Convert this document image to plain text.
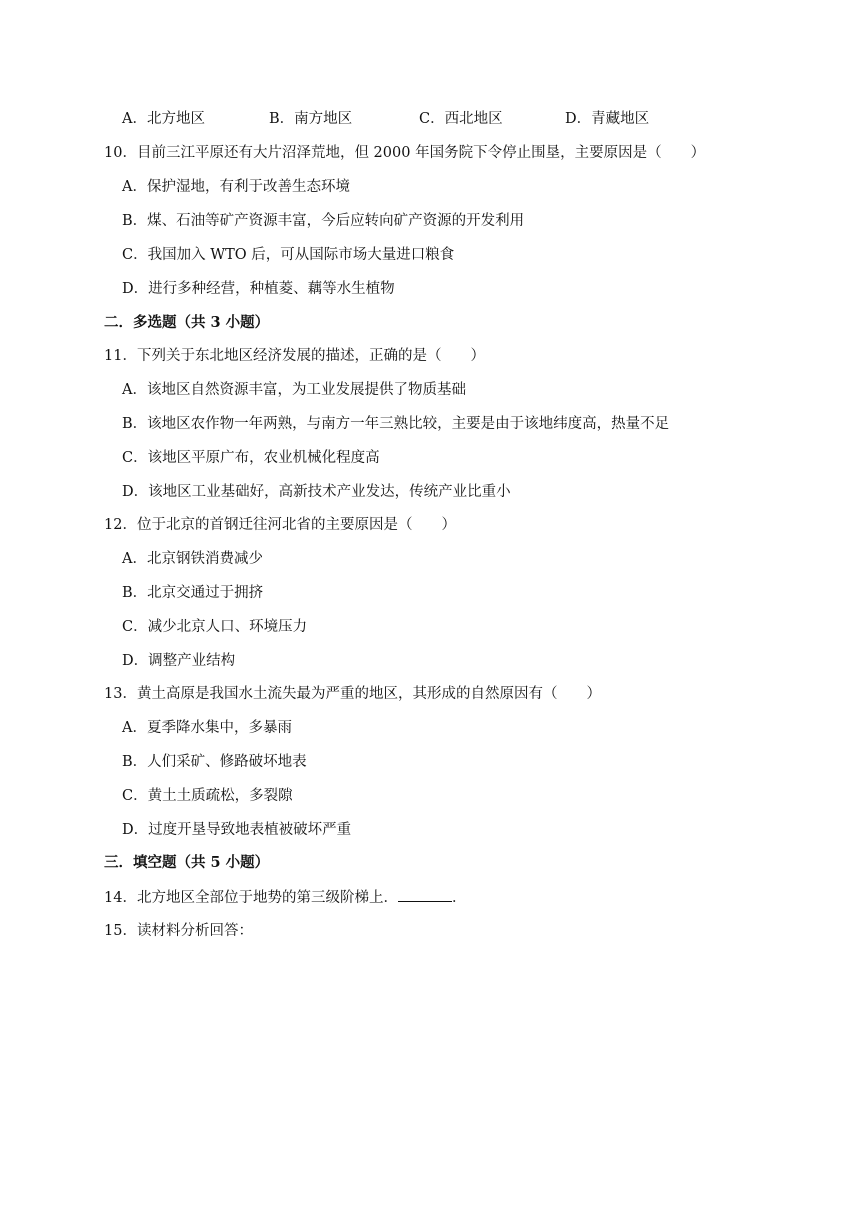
A．北方地区	B．南方地区	C．西北地区	D．青藏地区
10．目前三江平原还有大片沼泽荒地，但 2000 年国务院下令停止围垦，主要原因是（　　）
A．保护湿地，有利于改善生态环境
B．煤、石油等矿产资源丰富，今后应转向矿产资源的开发利用
C．我国加入 WTO 后，可从国际市场大量进口粮食
D．进行多种经营，种植菱、藕等水生植物
二．多选题（共 3 小题）
11．下列关于东北地区经济发展的描述，正确的是（　　）
A．该地区自然资源丰富，为工业发展提供了物质基础
B．该地区农作物一年两熟，与南方一年三熟比较，主要是由于该地纬度高，热量不足
C．该地区平原广布，农业机械化程度高
D．该地区工业基础好，高新技术产业发达，传统产业比重小
12．位于北京的首钢迁往河北省的主要原因是（　　）
A．北京钢铁消费减少
B．北京交通过于拥挤
C．减少北京人口、环境压力
D．调整产业结构
13．黄土高原是我国水土流失最为严重的地区，其形成的自然原因有（　　）
A．夏季降水集中，多暴雨
B．人们采矿、修路破坏地表
C．黄土土质疏松，多裂隙
D．过度开垦导致地表植被破坏严重
三．填空题（共 5 小题）
14．北方地区全部位于地势的第三级阶梯上．	．
15．读材料分析回答：
